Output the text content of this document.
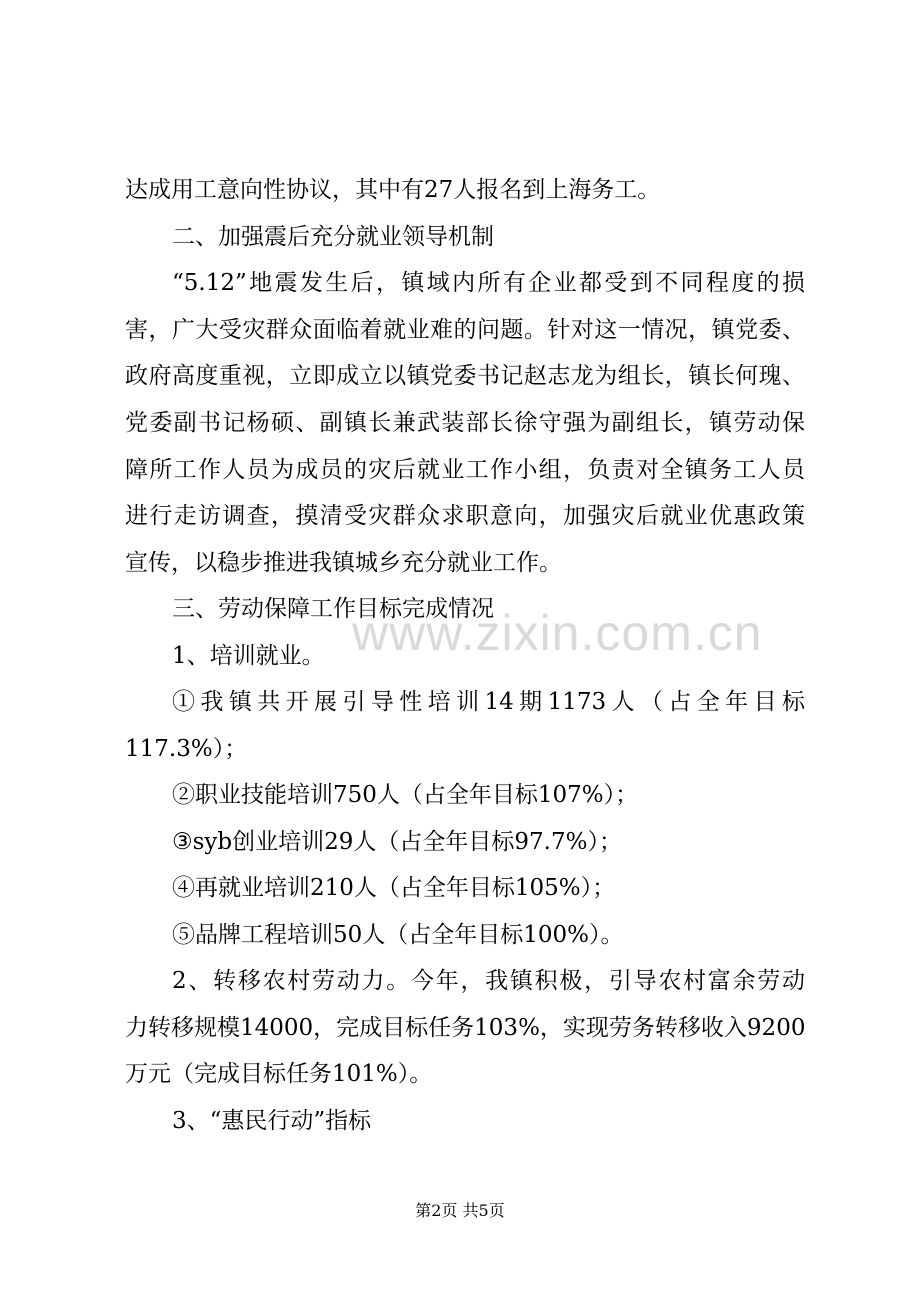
达成用工意向性协议，其中有27人报名到上海务工。
二、加强震后充分就业领导机制
“5.12”地震发生后，镇域内所有企业都受到不同程度的损
害，广大受灾群众面临着就业难的问题。针对这一情况，镇党委、
政府高度重视，立即成立以镇党委书记赵志龙为组长，镇长何瑰、
党委副书记杨硕、副镇长兼武装部长徐守强为副组长，镇劳动保
障所工作人员为成员的灾后就业工作小组，负责对全镇务工人员
进行走访调查，摸清受灾群众求职意向，加强灾后就业优惠政策
宣传，以稳步推进我镇城乡充分就业工作。
三、劳动保障工作目标完成情况
1、培训就业。
①我镇共开展引导性培训14期1173人（占全年目标
117.3%）；
②职业技能培训750人（占全年目标107%）；
③syb创业培训29人（占全年目标97.7%）；
④再就业培训210人（占全年目标105%）；
⑤品牌工程培训50人（占全年目标100%）。
2、转移农村劳动力。今年，我镇积极，引导农村富余劳动
力转移规模14000，完成目标任务103%，实现劳务转移收入9200
万元（完成目标任务101%）。
3、“惠民行动”指标
www.zixin.com.cn
第2页 共5页
